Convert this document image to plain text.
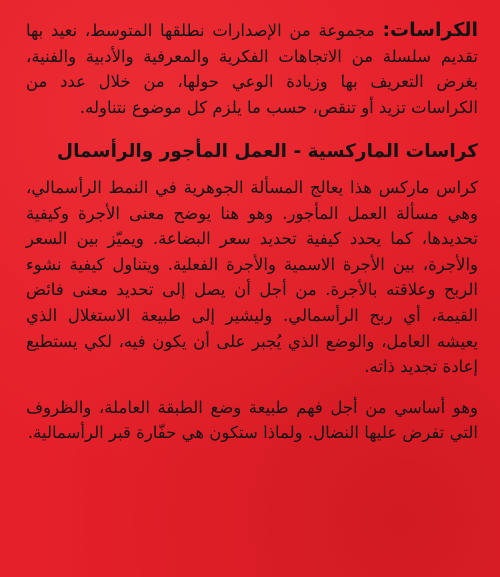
الكراسات: مجموعة من الإصدارات نطلقها المتوسط، نعيد بها تقديم سلسلة من الاتجاهات الفكرية والمعرفية والأدبية والفنية، بغرض التعريف بها وزيادة الوعي حولها، من خلال عدد من الكراسات تزيد أو تنقص، حسب ما يلزم كل موضوع نتناوله.

كراسات الماركسية - العمل المأجور والرأسمال

كراس ماركس هذا يعالج المسألة الجوهرية في النمط الرأسمالي، وهي مسألة العمل المأجور. وهو هنا يوضح معنى الأجرة وكيفية تحديدها، كما يحدد كيفية تحديد سعر البضاعة. ويميّز بين السعر والأجرة، بين الأجرة الاسمية والأجرة الفعلية. ويتناول كيفية نشوء الربح وعلاقته بالأجرة. من أجل أن يصل إلى تحديد معنى فائض القيمة، أي ربح الرأسمالي. وليشير إلى طبيعة الاستغلال الذي يعيشه العامل، والوضع الذي يُجبر على أن يكون فيه، لكي يستطيع إعادة تجديد ذاته.

وهو أساسي من أجل فهم طبيعة وضع الطبقة العاملة، والظروف التي تفرض عليها النضال. ولماذا ستكون هي حفّارة قبر الرأسمالية.
